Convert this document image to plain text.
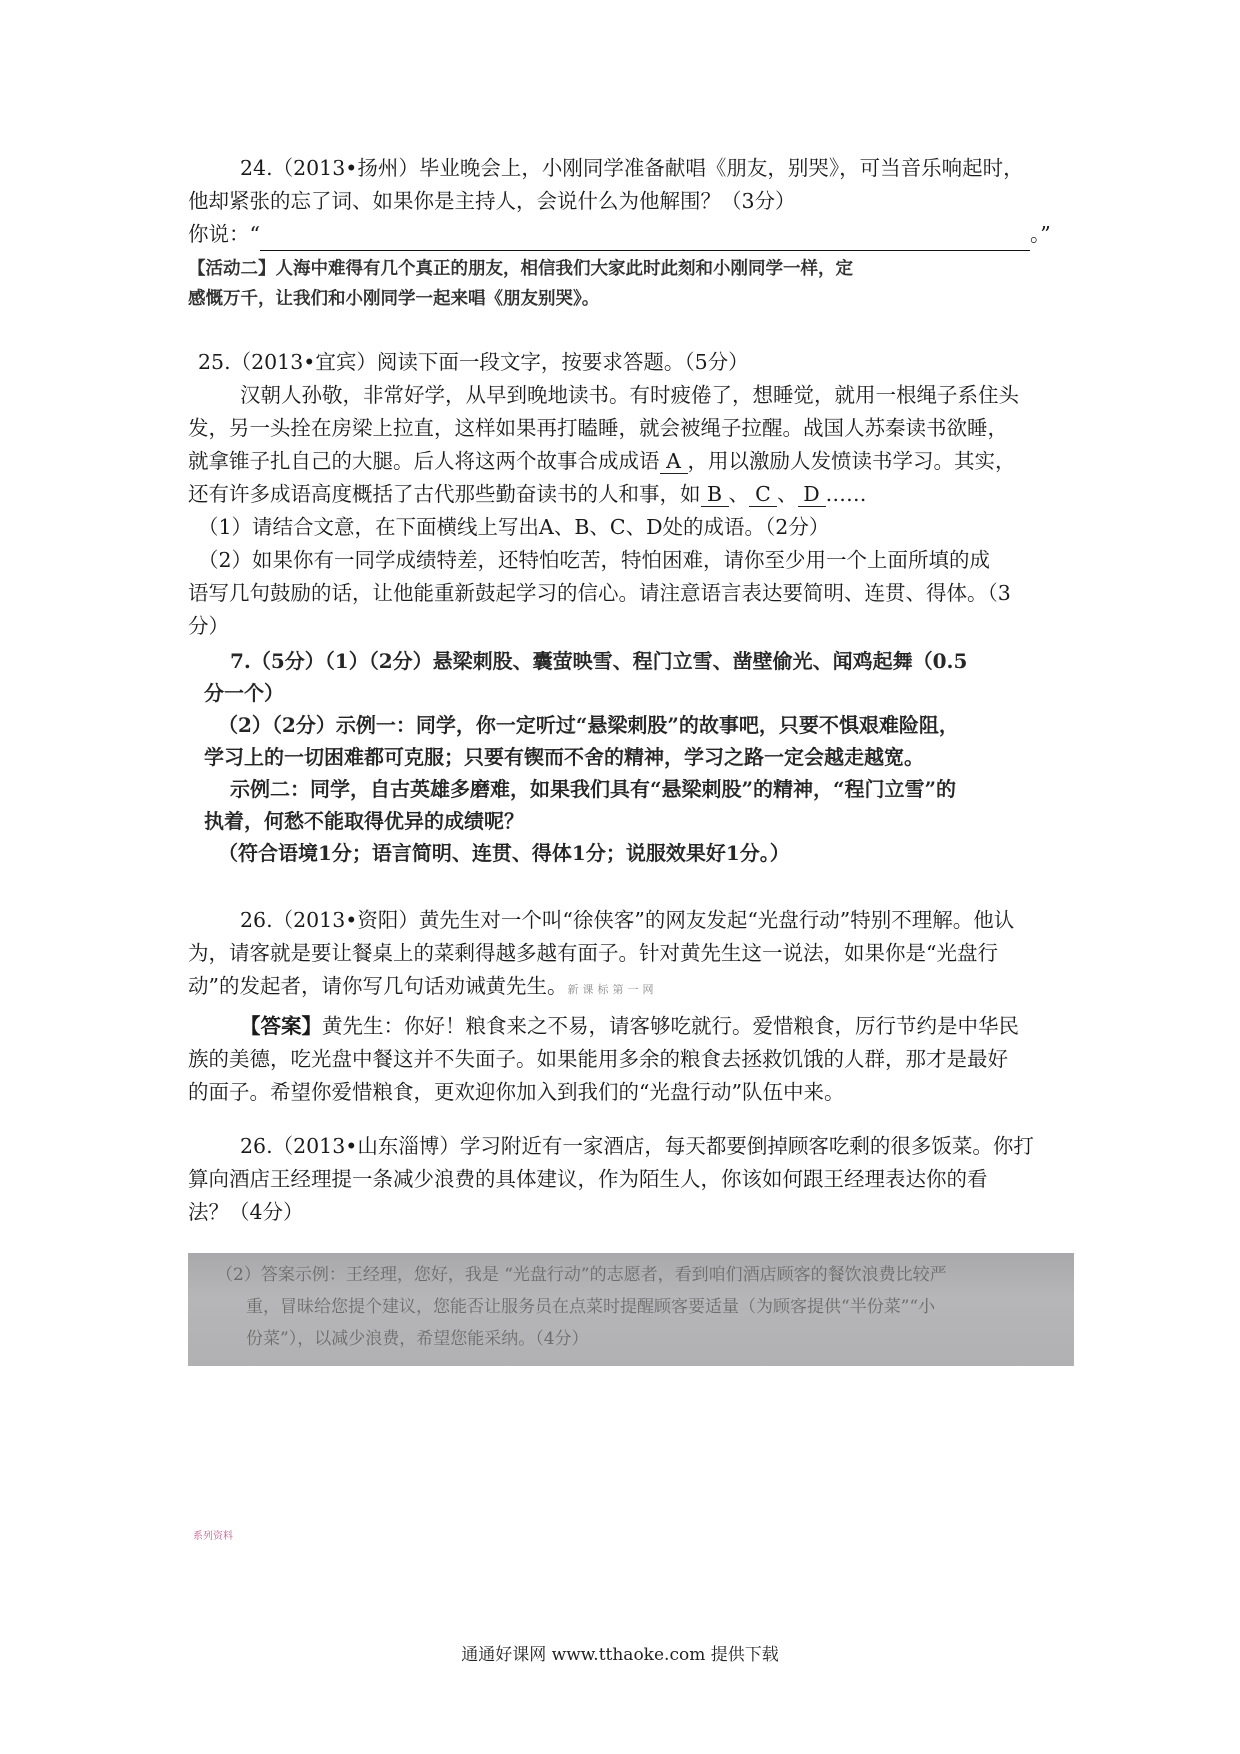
24.（2013•扬州）毕业晚会上，小刚同学准备献唱《朋友，别哭》，可当音乐响起时，

他却紧张的忘了词、如果你是主持人，会说什么为他解围？（3分）

你说：“	。”

【活动二】人海中难得有几个真正的朋友，相信我们大家此时此刻和小刚同学一样，定

感慨万千，让我们和小刚同学一起来唱《朋友别哭》。

25.（2013•宜宾）阅读下面一段文字，按要求答题。（5分）

汉朝人孙敬，非常好学，从早到晚地读书。有时疲倦了，想睡觉，就用一根绳子系住头

发，另一头拴在房梁上拉直，这样如果再打瞌睡，就会被绳子拉醒。战国人苏秦读书欲睡，

就拿锥子扎自己的大腿。后人将这两个故事合成成语 A ，用以激励人发愤读书学习。其实，

还有许多成语高度概括了古代那些勤奋读书的人和事，如 B 、 C 、 D ……

（1）请结合文意，在下面横线上写出A、B、C、D处的成语。（2分）

（2）如果你有一同学成绩特差，还特怕吃苦，特怕困难，请你至少用一个上面所填的成

语写几句鼓励的话，让他能重新鼓起学习的信心。请注意语言表达要简明、连贯、得体。（3

分）

7.（5分）（1）（2分）悬梁刺股、囊萤映雪、程门立雪、凿壁偷光、闻鸡起舞（0.5

分一个）

（2）（2分）示例一：同学，你一定听过“悬梁刺股”的故事吧，只要不惧艰难险阻，

学习上的一切困难都可克服；只要有锲而不舍的精神，学习之路一定会越走越宽。

示例二：同学，自古英雄多磨难，如果我们具有“悬梁刺股”的精神，“程门立雪”的

执着，何愁不能取得优异的成绩呢？

（符合语境1分；语言简明、连贯、得体1分；说服效果好1分。）

26.（2013•资阳）黄先生对一个叫“徐侠客”的网友发起“光盘行动”特别不理解。他认

为，请客就是要让餐桌上的菜剩得越多越有面子。针对黄先生这一说法，如果你是“光盘行

动”的发起者，请你写几句话劝诫黄先生。新课标第一网

【答案】黄先生：你好！粮食来之不易，请客够吃就行。爱惜粮食，厉行节约是中华民

族的美德，吃光盘中餐这并不失面子。如果能用多余的粮食去拯救饥饿的人群，那才是最好

的面子。希望你爱惜粮食，更欢迎你加入到我们的“光盘行动”队伍中来。

26.（2013•山东淄博）学习附近有一家酒店，每天都要倒掉顾客吃剩的很多饭菜。你打

算向酒店王经理提一条减少浪费的具体建议，作为陌生人，你该如何跟王经理表达你的看

法？（4分）

（2）答案示例：王经理，您好，我是 “光盘行动”的志愿者，看到咱们酒店顾客的餐饮浪费比较严

重，冒昧给您提个建议，您能否让服务员在点菜时提醒顾客要适量（为顾客提供“半份菜”“小

份菜”），以减少浪费，希望您能采纳。（4分）

系列资料
通通好课网 www.tthaoke.com 提供下载
